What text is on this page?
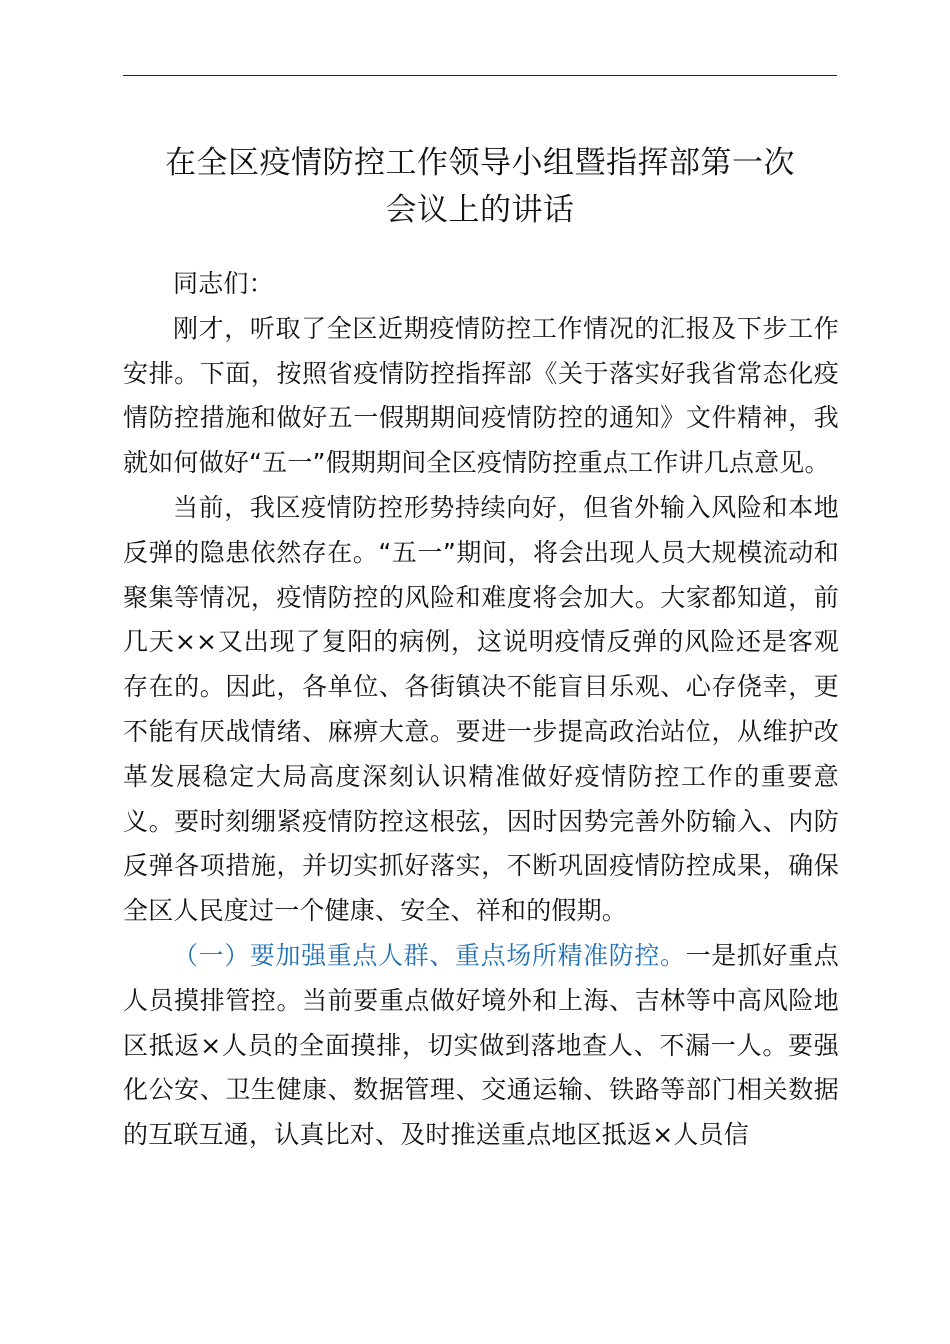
在全区疫情防控工作领导小组暨指挥部第一次
会议上的讲话

同志们：

刚才，听取了全区近期疫情防控工作情况的汇报及下步工作安排。下面，按照省疫情防控指挥部《关于落实好我省常态化疫情防控措施和做好五一假期期间疫情防控的通知》文件精神，我就如何做好“五一”假期期间全区疫情防控重点工作讲几点意见。

当前，我区疫情防控形势持续向好，但省外输入风险和本地反弹的隐患依然存在。“五一”期间，将会出现人员大规模流动和聚集等情况，疫情防控的风险和难度将会加大。大家都知道，前几天××又出现了复阳的病例，这说明疫情反弹的风险还是客观存在的。因此，各单位、各街镇决不能盲目乐观、心存侥幸，更不能有厌战情绪、麻痹大意。要进一步提高政治站位，从维护改革发展稳定大局高度深刻认识精准做好疫情防控工作的重要意义。要时刻绷紧疫情防控这根弦，因时因势完善外防输入、内防反弹各项措施，并切实抓好落实，不断巩固疫情防控成果，确保全区人民度过一个健康、安全、祥和的假期。

（一）要加强重点人群、重点场所精准防控。一是抓好重点人员摸排管控。当前要重点做好境外和上海、吉林等中高风险地区抵返×人员的全面摸排，切实做到落地查人、不漏一人。要强化公安、卫生健康、数据管理、交通运输、铁路等部门相关数据的互联互通，认真比对、及时推送重点地区抵返×人员信
